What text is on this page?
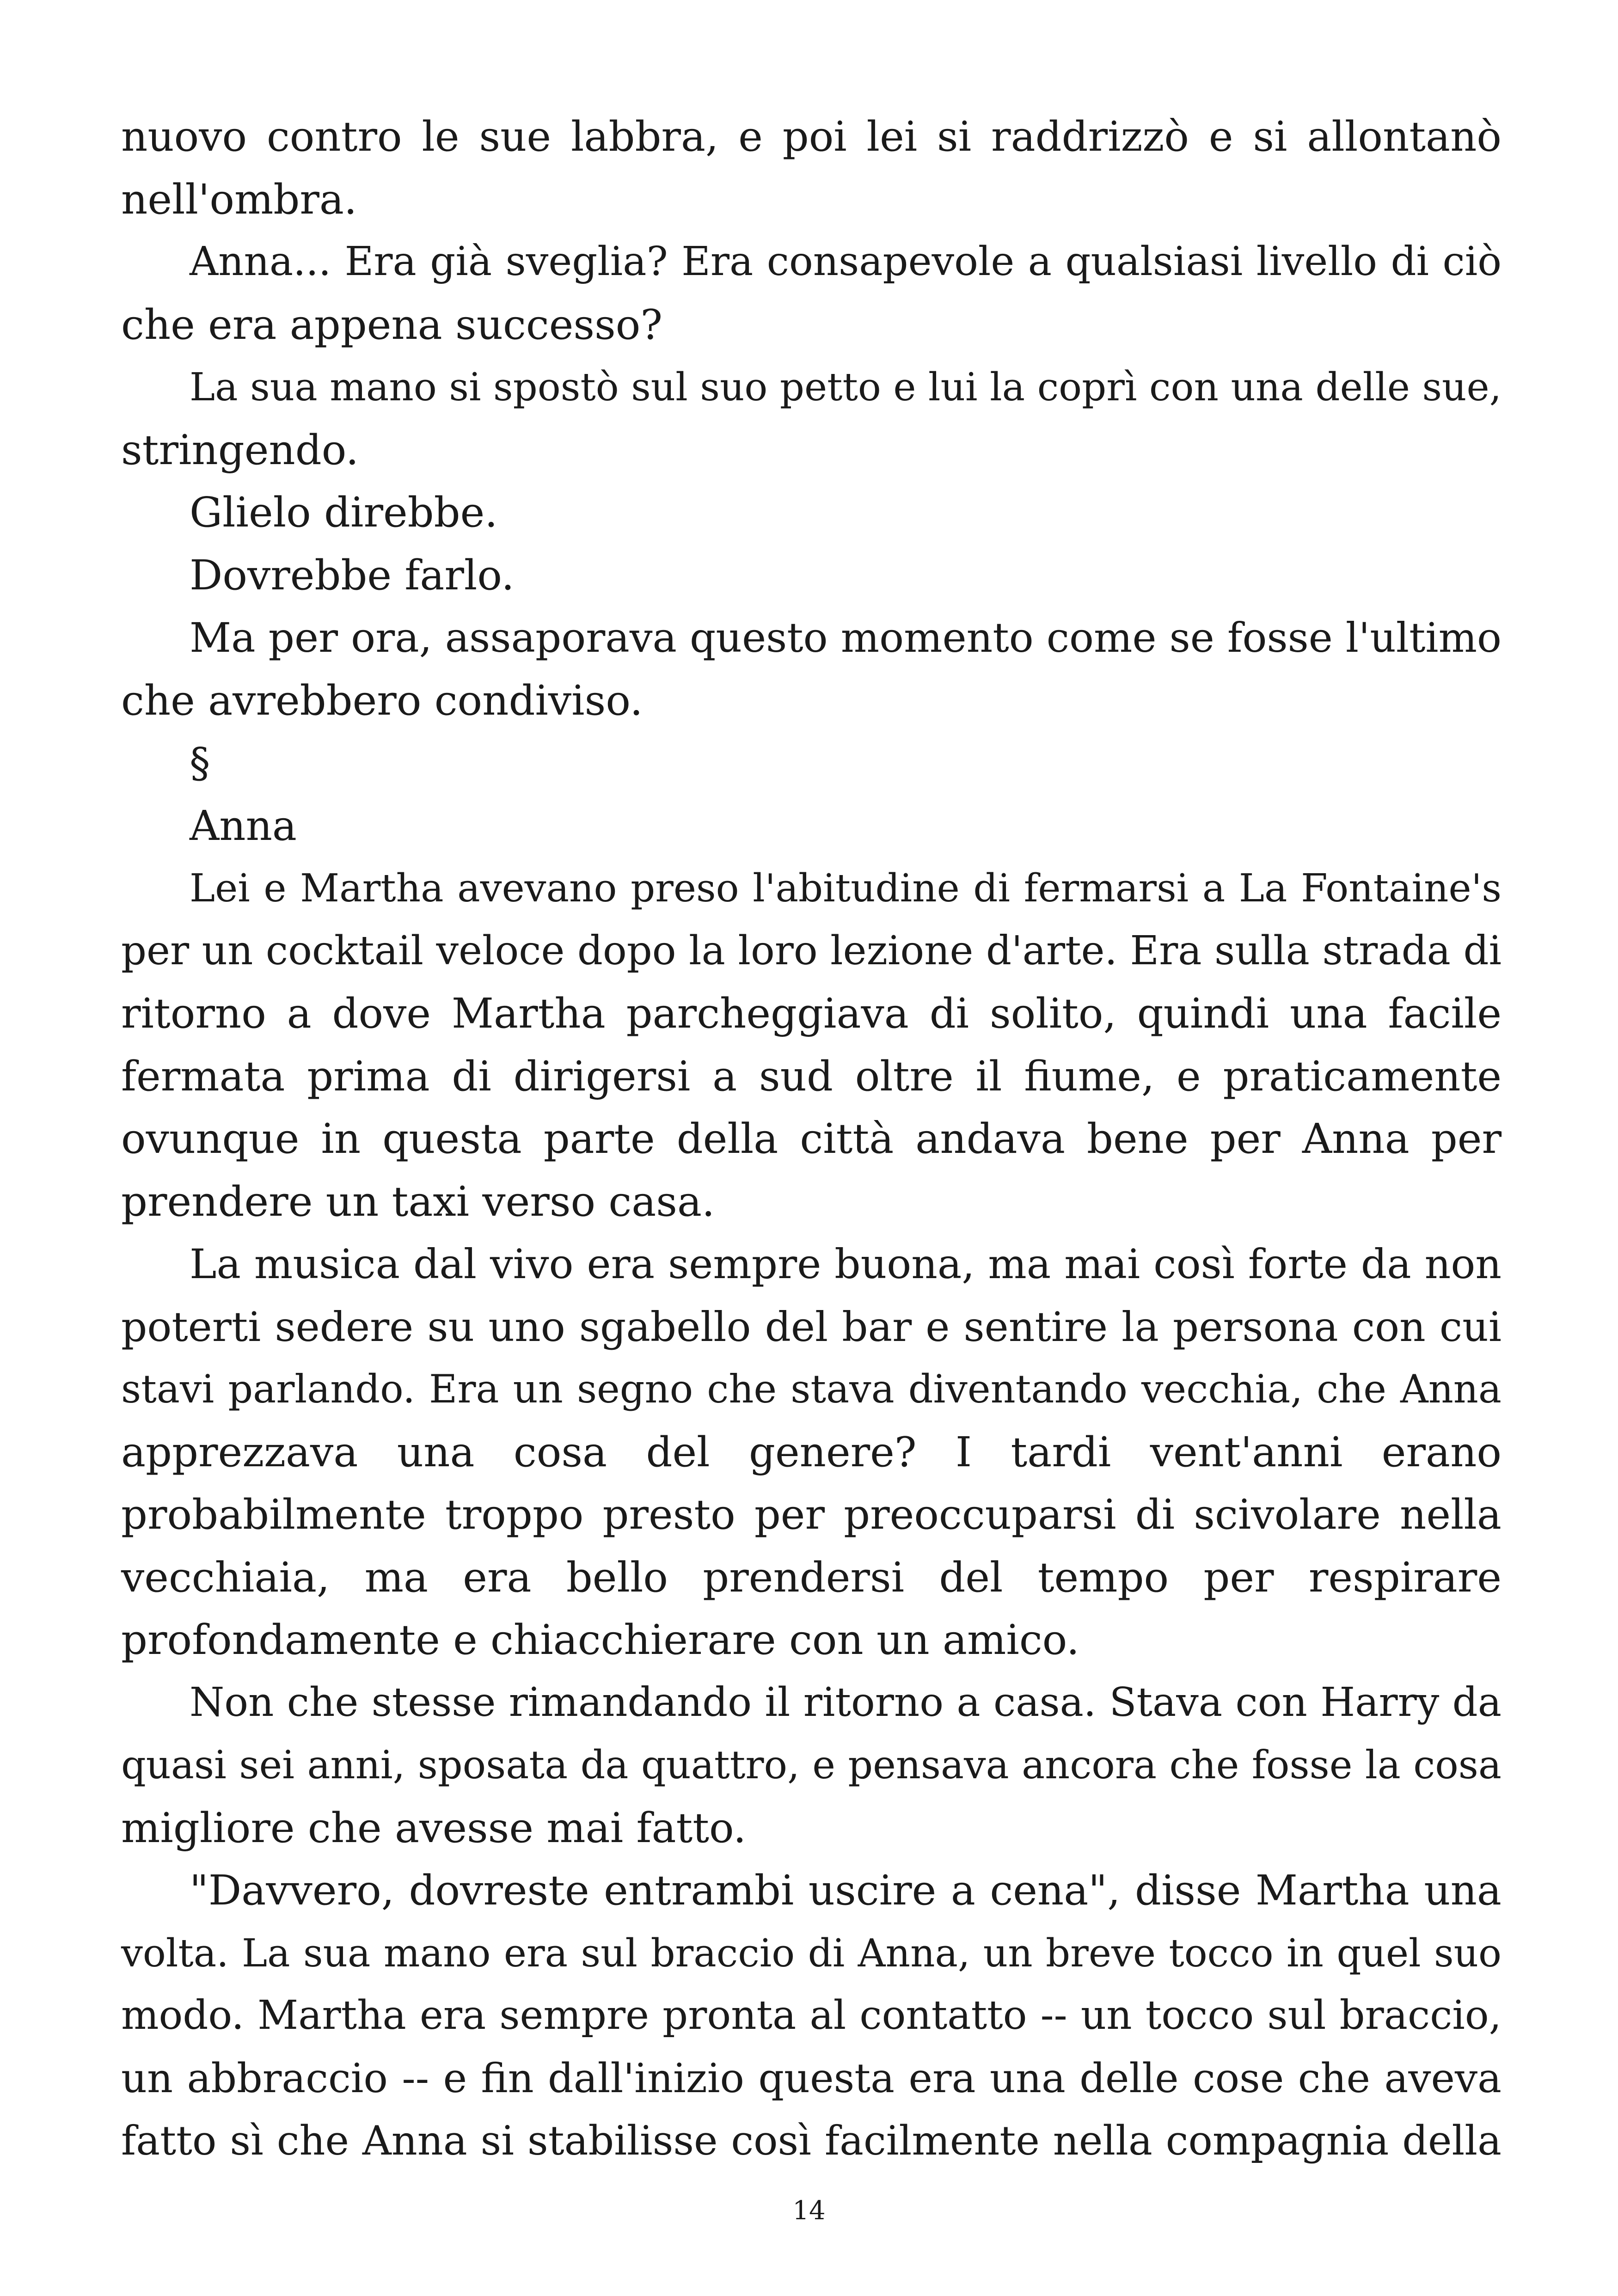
nuovo contro le sue labbra, e poi lei si raddrizzò e si allontanò
nell'ombra.
Anna... Era già sveglia? Era consapevole a qualsiasi livello di ciò
che era appena successo?
La sua mano si spostò sul suo petto e lui la coprì con una delle sue,
stringendo.
Glielo direbbe.
Dovrebbe farlo.
Ma per ora, assaporava questo momento come se fosse l'ultimo
che avrebbero condiviso.
§
Anna
Lei e Martha avevano preso l'abitudine di fermarsi a La Fontaine's
per un cocktail veloce dopo la loro lezione d'arte. Era sulla strada di
ritorno a dove Martha parcheggiava di solito, quindi una facile
fermata prima di dirigersi a sud oltre il fiume, e praticamente
ovunque in questa parte della città andava bene per Anna per
prendere un taxi verso casa.
La musica dal vivo era sempre buona, ma mai così forte da non
poterti sedere su uno sgabello del bar e sentire la persona con cui
stavi parlando. Era un segno che stava diventando vecchia, che Anna
apprezzava una cosa del genere? I tardi vent'anni erano
probabilmente troppo presto per preoccuparsi di scivolare nella
vecchiaia, ma era bello prendersi del tempo per respirare
profondamente e chiacchierare con un amico.
Non che stesse rimandando il ritorno a casa. Stava con Harry da
quasi sei anni, sposata da quattro, e pensava ancora che fosse la cosa
migliore che avesse mai fatto.
"Davvero, dovreste entrambi uscire a cena", disse Martha una
volta. La sua mano era sul braccio di Anna, un breve tocco in quel suo
modo. Martha era sempre pronta al contatto -- un tocco sul braccio,
un abbraccio -- e fin dall'inizio questa era una delle cose che aveva
fatto sì che Anna si stabilisse così facilmente nella compagnia della
14
